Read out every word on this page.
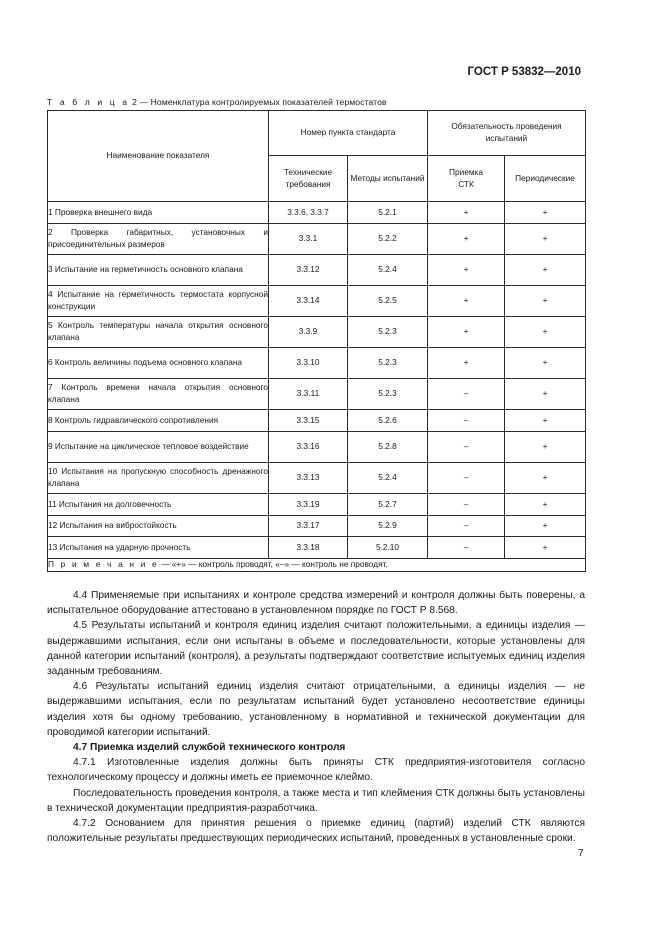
ГОСТ Р 53832—2010
Т а б л и ц а 2 — Номенклатура контролируемых показателей термостатов
Наименование показателя	Номер пункта стандарта		Обязательность проведения испытаний	
	Технические требования	Методы испытаний	Приемка СТК	Периодические
1 Проверка внешнего вида	3.3.6, 3.3.7	5.2.1	+	+
2 Проверка габаритных, установочных и присоединительных размеров	3.3.1	5.2.2	+	+
3 Испытание на герметичность основного клапана	3.3.12	5.2.4	+	+
4 Испытание на герметичность термостата корпусной конструкции	3.3.14	5.2.5	+	+
5 Контроль температуры начала открытия основного клапана	3.3.9	5.2.3	+	+
6 Контроль величины подъема основного клапана	3.3.10	5.2.3	+	+
7 Контроль времени начала открытия основного клапана	3.3.11	5.2.3	–	+
8 Контроль гидравлического сопротивления	3.3.15	5.2.6	–	+
9 Испытание на циклическое тепловое воздействие	3.3.16	5.2.8	–	+
10 Испытания на пропускную способность дренажного клапана	3.3.13	5.2.4	–	+
11 Испытания на долговечность	3.3.19	5.2.7	–	+
12 Испытания на вибростойкость	3.3.17	5.2.9	–	+
13 Испытания на ударную прочность	3.3.18	5.2.10	–	+
П р и м е ч а н и е — «+» — контроль проводят, «–» — контроль не проводят.				

4.4 Применяемые при испытаниях и контроле средства измерений и контроля должны быть поверены, а испытательное оборудование аттестовано в установленном порядке по ГОСТ Р 8.568.

4.5 Результаты испытаний и контроля единиц изделия считают положительными, а единицы изделия — выдержавшими испытания, если они испытаны в объеме и последовательности, которые установлены для данной категории испытаний (контроля), а результаты подтверждают соответствие испытуемых единиц изделия заданным требованиям.

4.6 Результаты испытаний единиц изделия считают отрицательными, а единицы изделия — не выдержавшими испытания, если по результатам испытаний будет установлено несоответствие единицы изделия хотя бы одному требованию, установленному в нормативной и технической документации для проводимой категории испытаний.

4.7 Приемка изделий службой технического контроля

4.7.1 Изготовленные изделия должны быть приняты СТК предприятия-изготовителя согласно технологическому процессу и должны иметь ее приемочное клеймо.

Последовательность проведения контроля, а также места и тип клеймения СТК должны быть установлены в технической документации предприятия-разработчика.

4.7.2 Основанием для принятия решения о приемке единиц (партий) изделий СТК являются положительные результаты предшествующих периодических испытаний, проведенных в установленные сроки.

7
